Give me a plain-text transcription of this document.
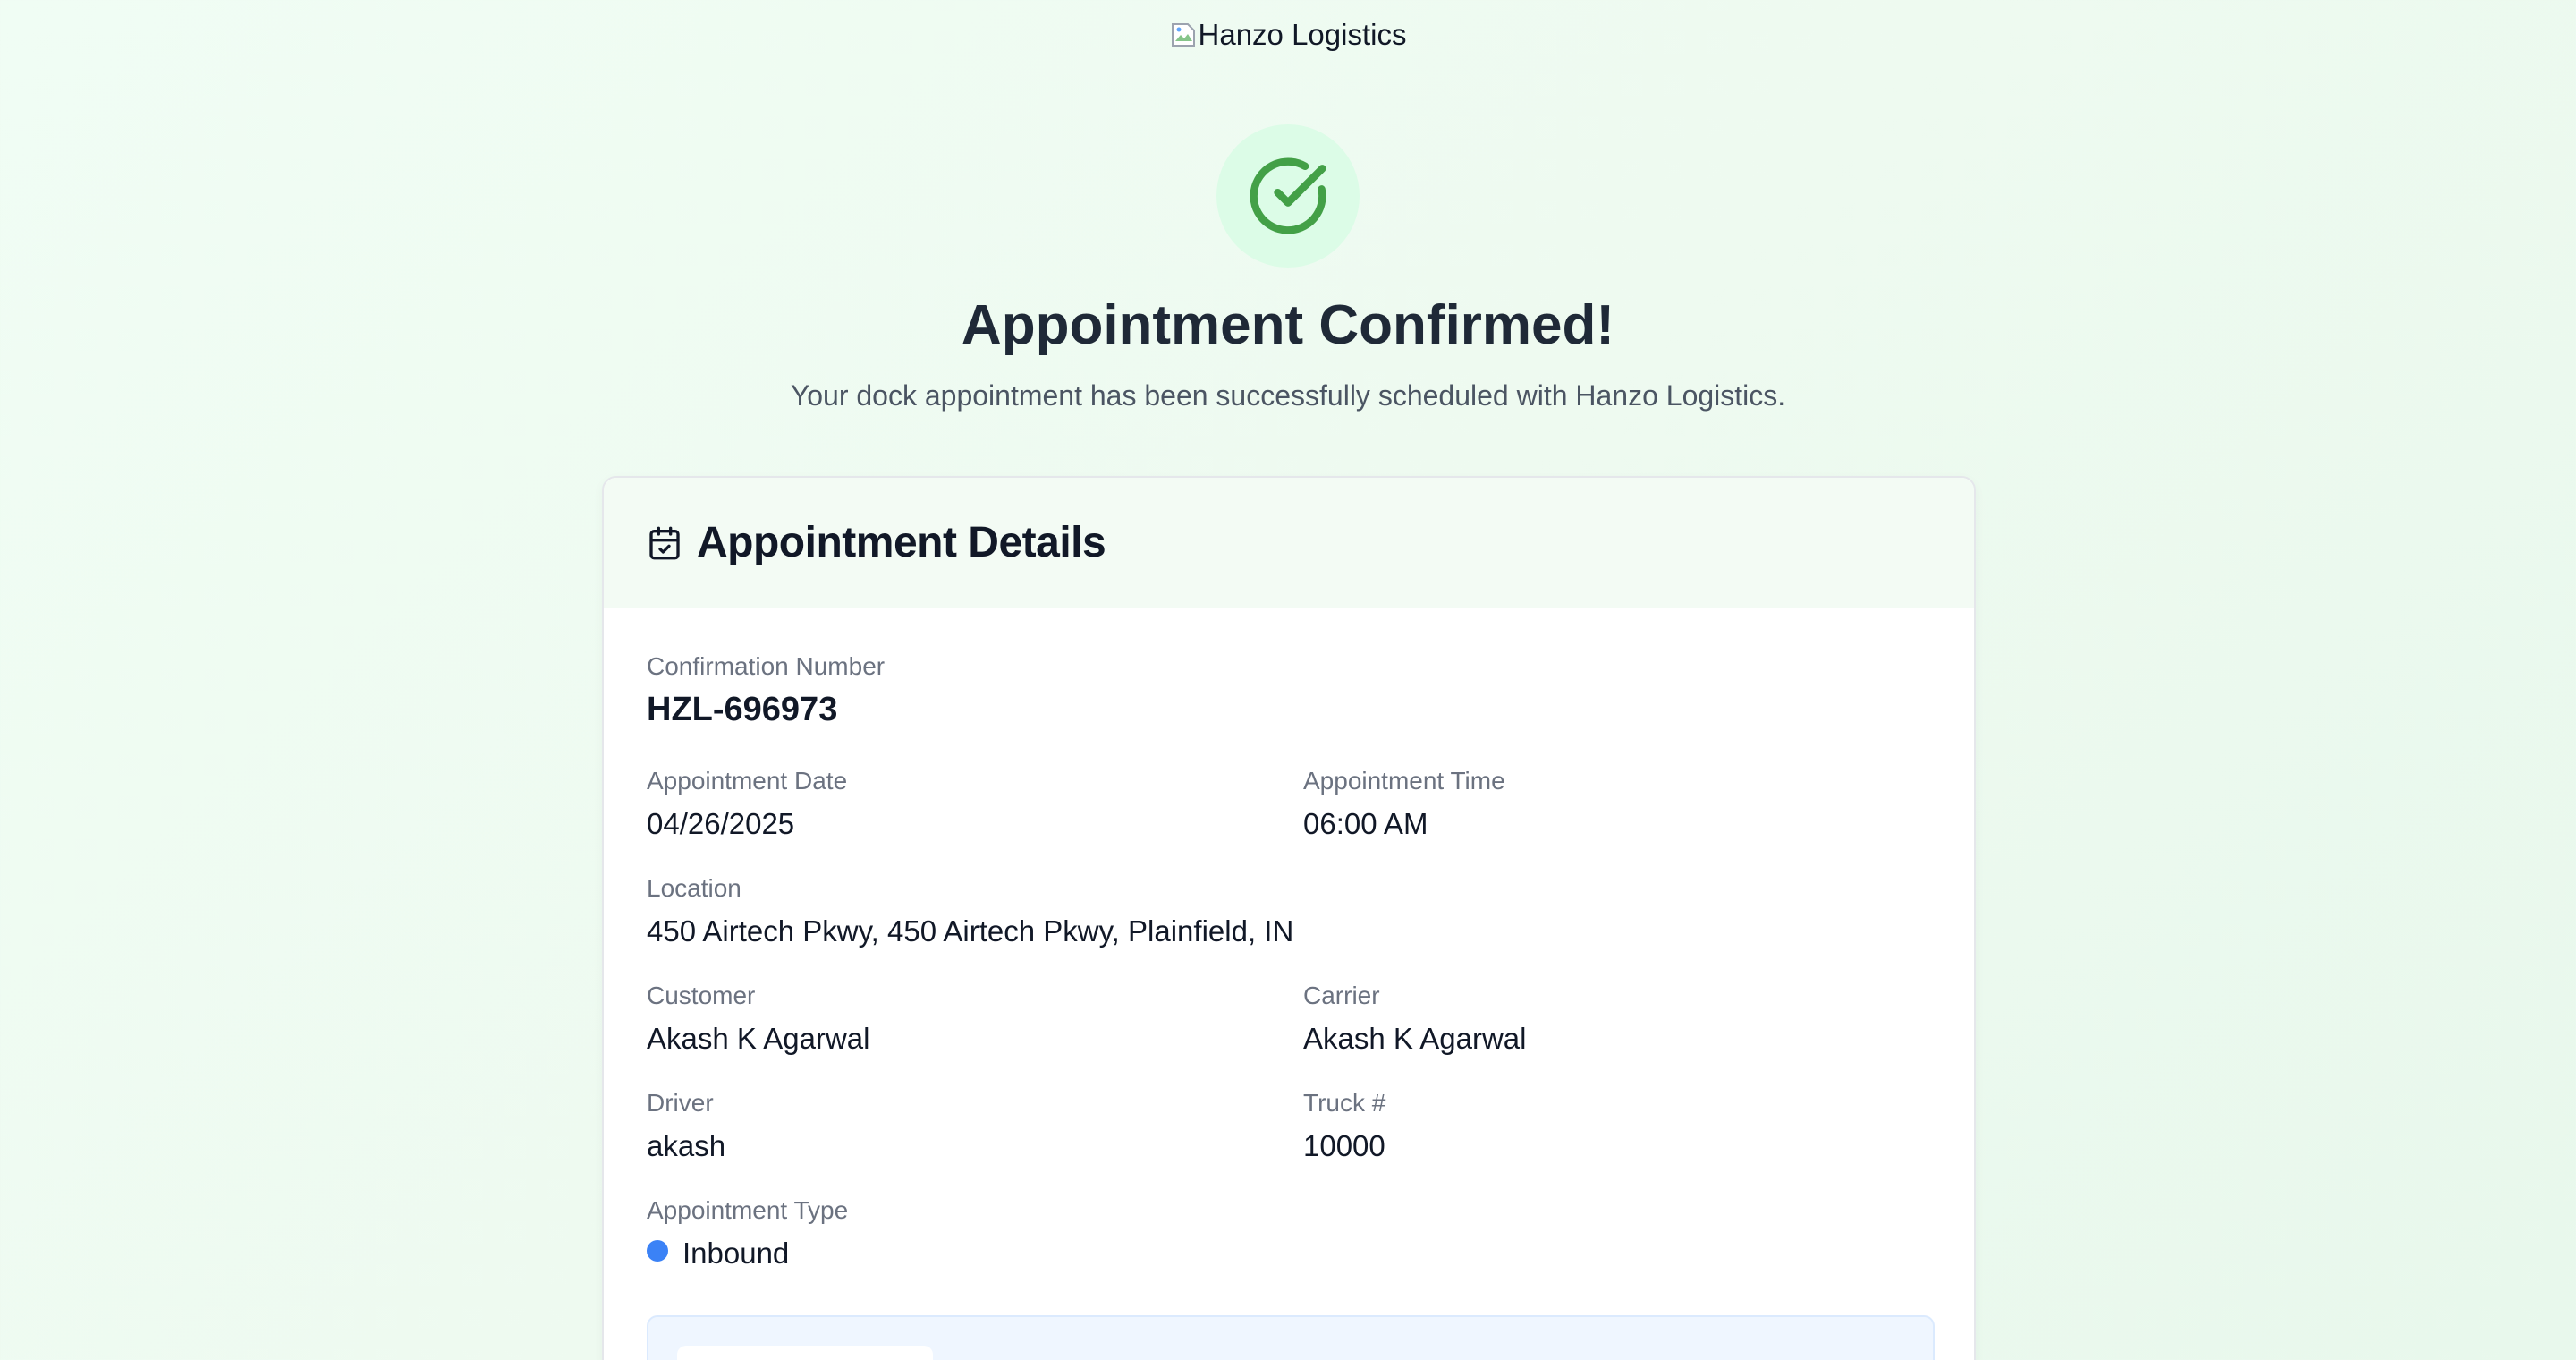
Hanzo Logistics
Appointment Confirmed!
Your dock appointment has been successfully scheduled with Hanzo Logistics.
Appointment Details
Confirmation Number
HZL-696973
Appointment Date
04/26/2025
Appointment Time
06:00 AM
Location
450 Airtech Pkwy, 450 Airtech Pkwy, Plainfield, IN
Customer
Akash K Agarwal
Carrier
Akash K Agarwal
Driver
akash
Truck #
10000
Appointment Type
Inbound
